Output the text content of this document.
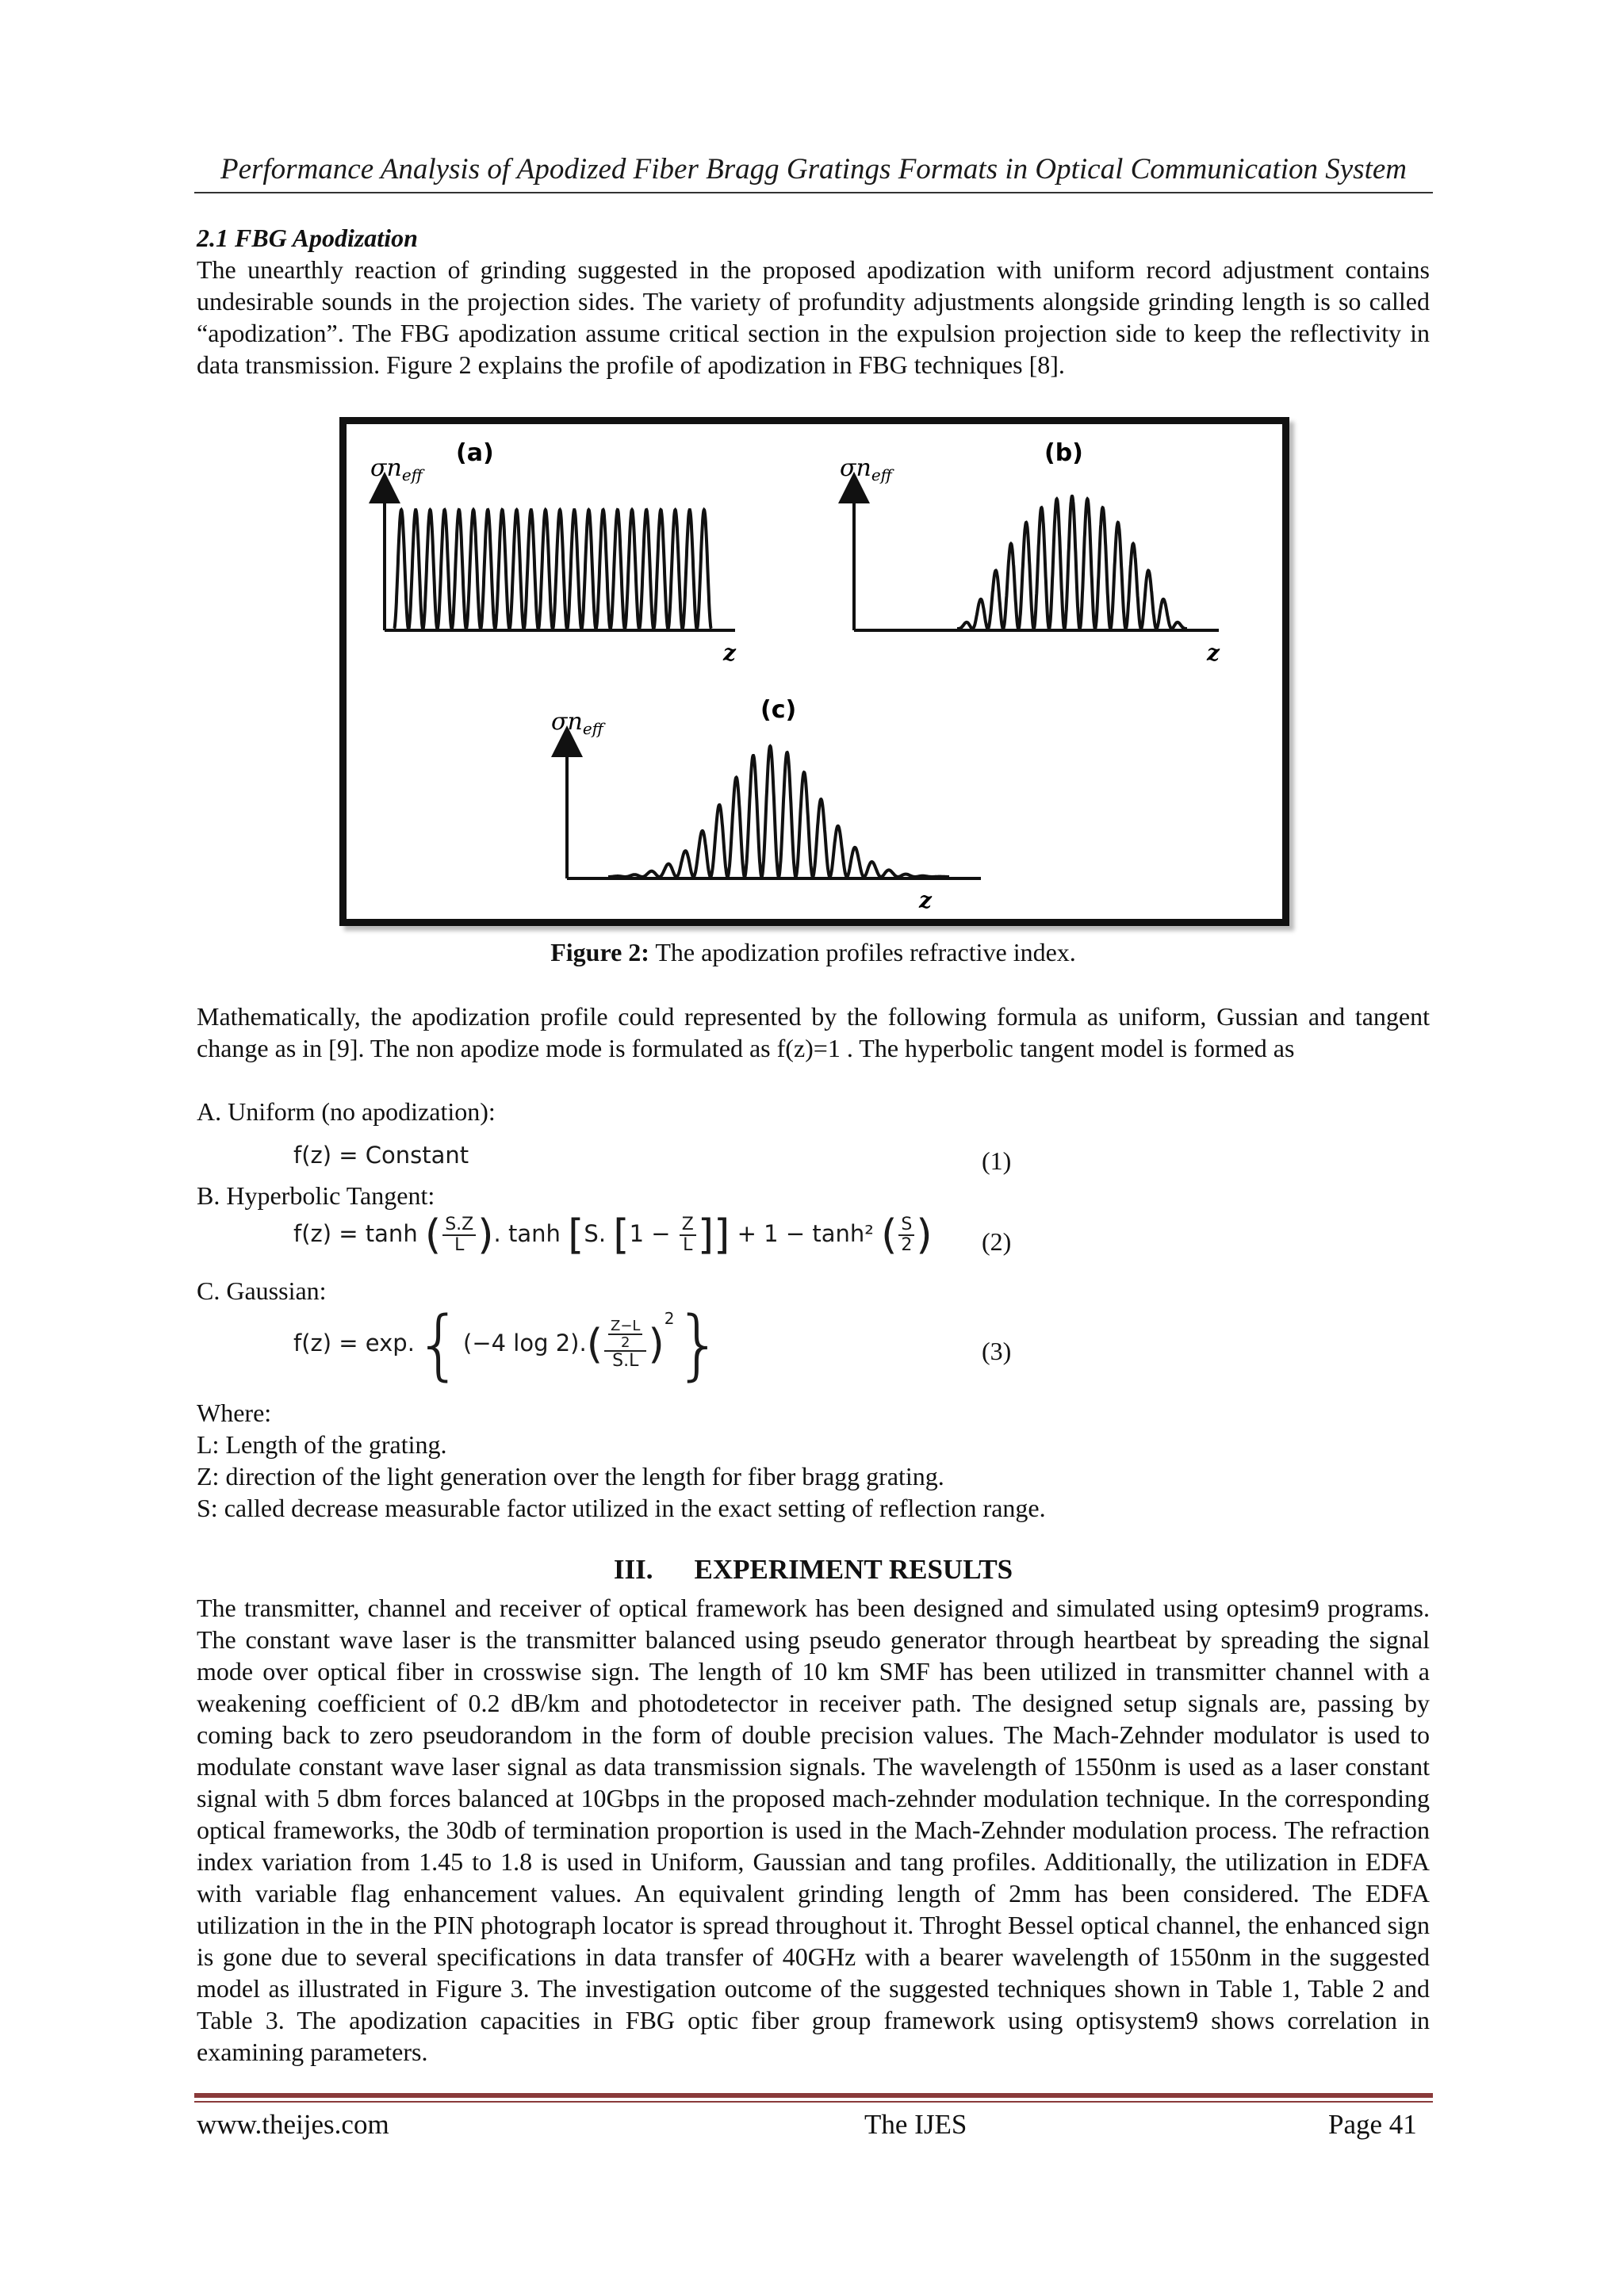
Performance Analysis of Apodized Fiber Bragg Gratings Formats in Optical Communication System
2.1 FBG Apodization
The unearthly reaction of grinding suggested in the proposed apodization with uniform record adjustment contains undesirable sounds in the projection sides. The variety of profundity adjustments alongside grinding length is so called “apodization”. The FBG apodization assume critical section in the expulsion projection side to keep the reflectivity in data transmission. Figure 2 explains the profile of apodization in FBG techniques [8].
(a)
$\sigma n_{eff}$
z
(b)
$\sigma n_{eff}$
z
(c)
$\sigma n_{eff}$
z
Figure 2: The apodization profiles refractive index.
Mathematically, the apodization profile could represented by the following formula as uniform, Gussian and tangent change as in [9]. The non apodize mode is formulated as f(z)=1 . The hyperbolic tangent model is formed as
A. Uniform (no apodization):
f(z) = Constant	(1)
B. Hyperbolic Tangent:
f(z) = tanh ( $\frac{S.Z}{L}$ ). tanh [S. [$1 - \frac{Z}{L}$ ]] + 1 − tanh² ( $\frac{S}{2}$ ) (2)
C. Gaussian:
f(z) = exp.{(−4 log 2).( Z−L
2
S.L )$^2$}	(3)
Where:
L: Length of the grating.
Z: direction of the light generation over the length for fiber bragg grating.
S: called decrease measurable factor utilized in the exact setting of reflection range.
III. EXPERIMENT RESULTS
The transmitter, channel and receiver of optical framework has been designed and simulated using optesim9 programs. The constant wave laser is the transmitter balanced using pseudo generator through heartbeat by spreading the signal mode over optical fiber in crosswise sign. The length of 10 km SMF has been utilized in transmitter channel with a weakening coefficient of 0.2 dB/km and photodetector in receiver path. The designed setup signals are, passing by coming back to zero pseudorandom in the form of double precision values. The Mach-Zehnder modulator is used to modulate constant wave laser signal as data transmission signals. The wavelength of 1550nm is used as a laser constant signal with 5 dbm forces balanced at 10Gbps in the proposed mach-zehnder modulation technique. In the corresponding optical frameworks, the 30db of termination proportion is used in the Mach-Zehnder modulation process. The refraction index variation from 1.45 to 1.8 is used in Uniform, Gaussian and tang profiles. Additionally, the utilization in EDFA with variable flag enhancement values. An equivalent grinding length of 2mm has been considered. The EDFA utilization in the in the PIN photograph locator is spread throughout it. Throght Bessel optical channel, the enhanced sign is gone due to several specifications in data transfer of 40GHz with a bearer wavelength of 1550nm in the suggested model as illustrated in Figure 3. The investigation outcome of the suggested techniques shown in Table 1, Table 2 and Table 3. The apodization capacities in FBG optic fiber group framework using optisystem9 shows correlation in examining parameters.
www.theijes.com	The IJES	Page 41
